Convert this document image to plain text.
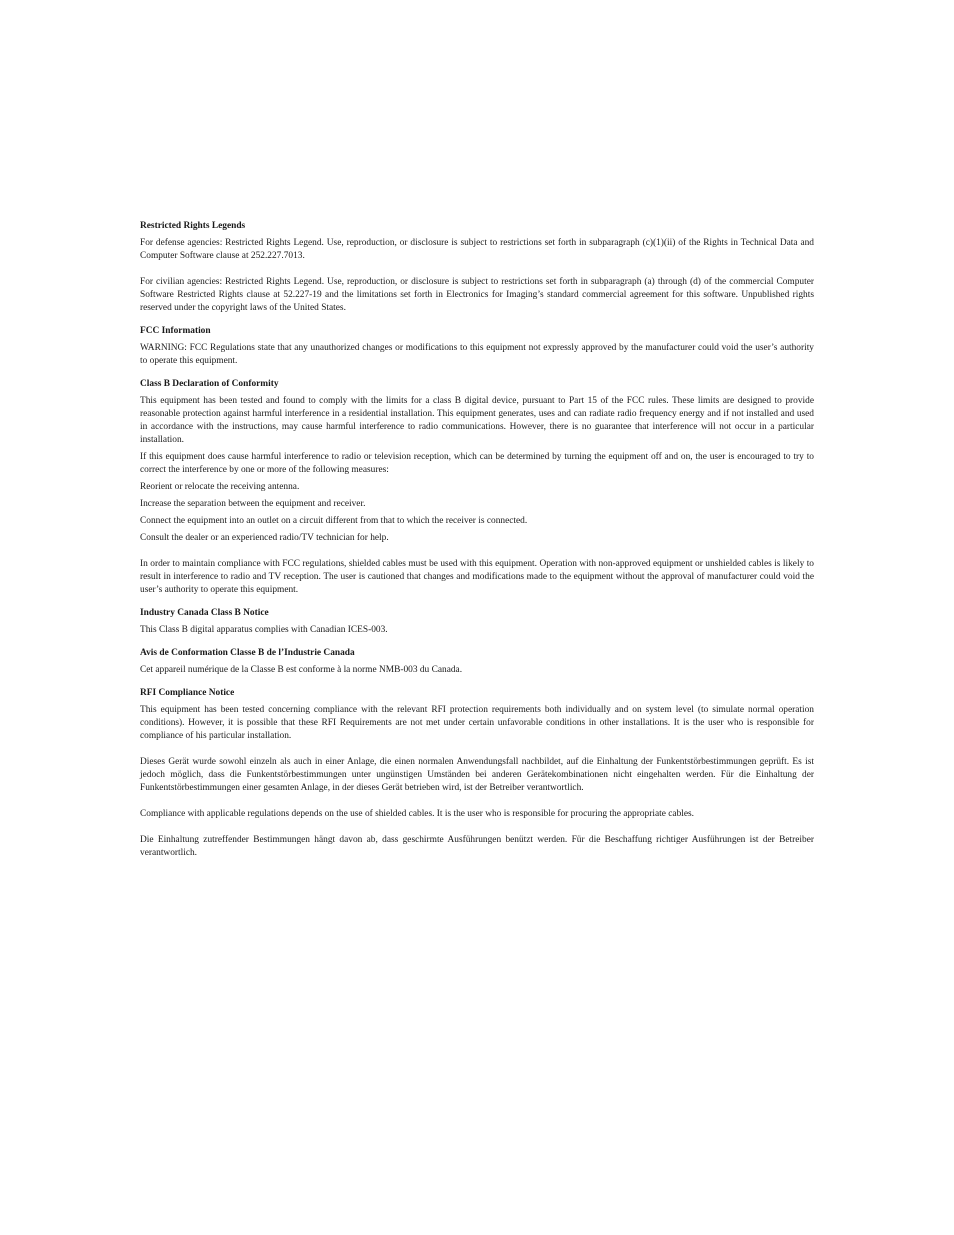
Restricted Rights Legends

For defense agencies: Restricted Rights Legend. Use, reproduction, or disclosure is subject to restrictions set forth in subparagraph (c)(1)(ii) of the Rights in Technical Data and Computer Software clause at 252.227.7013.

For civilian agencies: Restricted Rights Legend. Use, reproduction, or disclosure is subject to restrictions set forth in subparagraph (a) through (d) of the commercial Computer Software Restricted Rights clause at 52.227-19 and the limitations set forth in Electronics for Imaging’s standard commercial agreement for this software. Unpublished rights reserved under the copyright laws of the United States.

FCC Information

WARNING: FCC Regulations state that any unauthorized changes or modifications to this equipment not expressly approved by the manufacturer could void the user’s authority to operate this equipment.

Class B Declaration of Conformity

This equipment has been tested and found to comply with the limits for a class B digital device, pursuant to Part 15 of the FCC rules. These limits are designed to provide reasonable protection against harmful interference in a residential installation. This equipment generates, uses and can radiate radio frequency energy and if not installed and used in accordance with the instructions, may cause harmful interference to radio communications. However, there is no guarantee that interference will not occur in a particular installation.

If this equipment does cause harmful interference to radio or television reception, which can be determined by turning the equipment off and on, the user is encouraged to try to correct the interference by one or more of the following measures:

Reorient or relocate the receiving antenna.

Increase the separation between the equipment and receiver.

Connect the equipment into an outlet on a circuit different from that to which the receiver is connected.

Consult the dealer or an experienced radio/TV technician for help.

In order to maintain compliance with FCC regulations, shielded cables must be used with this equipment. Operation with non-approved equipment or unshielded cables is likely to result in interference to radio and TV reception. The user is cautioned that changes and modifications made to the equipment without the approval of manufacturer could void the user’s authority to operate this equipment.

Industry Canada Class B Notice

This Class B digital apparatus complies with Canadian ICES-003.

Avis de Conformation Classe B de l’Industrie Canada

Cet appareil numérique de la Classe B est conforme à la norme NMB-003 du Canada.

RFI Compliance Notice

This equipment has been tested concerning compliance with the relevant RFI protection requirements both individually and on system level (to simulate normal operation conditions). However, it is possible that these RFI Requirements are not met under certain unfavorable conditions in other installations. It is the user who is responsible for compliance of his particular installation.

Dieses Gerät wurde sowohl einzeln als auch in einer Anlage, die einen normalen Anwendungsfall nachbildet, auf die Einhaltung der Funkentstörbestimmungen geprüft. Es ist jedoch möglich, dass die Funkentstörbestimmungen unter ungünstigen Umständen bei anderen Gerätekombinationen nicht eingehalten werden. Für die Einhaltung der Funkentstörbestimmungen einer gesamten Anlage, in der dieses Gerät betrieben wird, ist der Betreiber verantwortlich.

Compliance with applicable regulations depends on the use of shielded cables. It is the user who is responsible for procuring the appropriate cables.

Die Einhaltung zutreffender Bestimmungen hängt davon ab, dass geschirmte Ausführungen benützt werden. Für die Beschaffung richtiger Ausführungen ist der Betreiber verantwortlich.
